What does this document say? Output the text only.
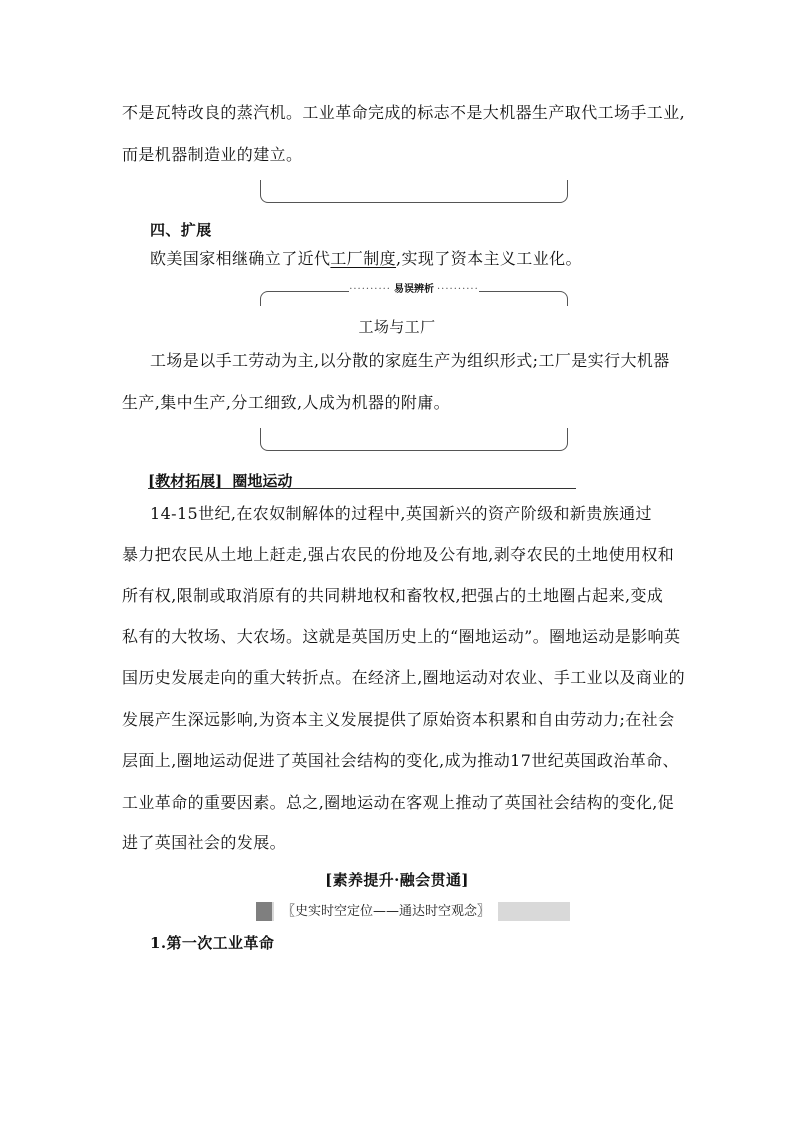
不是瓦特改良的蒸汽机。工业革命完成的标志不是大机器生产取代工场手工业,
而是机器制造业的建立。
四、扩展
欧美国家相继确立了近代工厂制度,实现了资本主义工业化。
·········· 易误辨析 ··········
工场与工厂
工场是以手工劳动为主,以分散的家庭生产为组织形式;工厂是实行大机器
生产,集中生产,分工细致,人成为机器的附庸。
[教材拓展] 圈地运动
14-15世纪,在农奴制解体的过程中,英国新兴的资产阶级和新贵族通过
暴力把农民从土地上赶走,强占农民的份地及公有地,剥夺农民的土地使用权和
所有权,限制或取消原有的共同耕地权和畜牧权,把强占的土地圈占起来,变成
私有的大牧场、大农场。这就是英国历史上的“圈地运动”。圈地运动是影响英
国历史发展走向的重大转折点。在经济上,圈地运动对农业、手工业以及商业的
发展产生深远影响,为资本主义发展提供了原始资本积累和自由劳动力;在社会
层面上,圈地运动促进了英国社会结构的变化,成为推动17世纪英国政治革命、
工业革命的重要因素。总之,圈地运动在客观上推动了英国社会结构的变化,促
进了英国社会的发展。
[素养提升·融会贯通]
〖史实时空定位——通达时空观念〗
1.第一次工业革命
